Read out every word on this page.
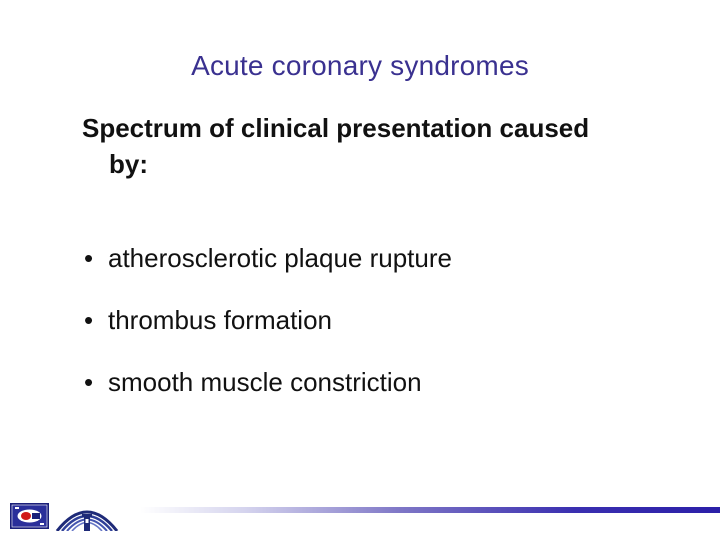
Acute coronary syndromes
Spectrum of clinical presentation caused
by:
• atherosclerotic plaque rupture
• thrombus formation
• smooth muscle constriction
